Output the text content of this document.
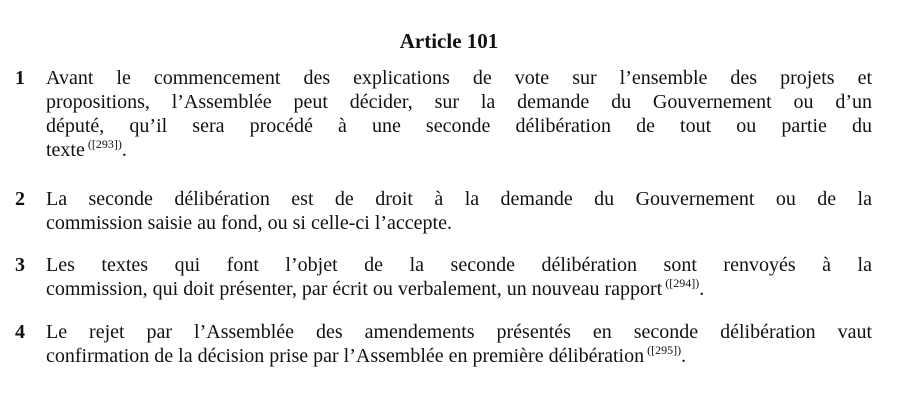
Article 101
1	Avant le commencement des explications de vote sur l’ensemble des projets et
propositions, l’Assemblée peut décider, sur la demande du Gouvernement ou d’un
député, qu’il sera procédé à une seconde délibération de tout ou partie du
texte $^{([293])}$.

2	La seconde délibération est de droit à la demande du Gouvernement ou de la
commission saisie au fond, ou si celle-ci l’accepte.

3	Les textes qui font l’objet de la seconde délibération sont renvoyés à la
commission, qui doit présenter, par écrit ou verbalement, un nouveau rapport $^{([294])}$.

4	Le rejet par l’Assemblée des amendements présentés en seconde délibération vaut
confirmation de la décision prise par l’Assemblée en première délibération $^{([295])}$.
